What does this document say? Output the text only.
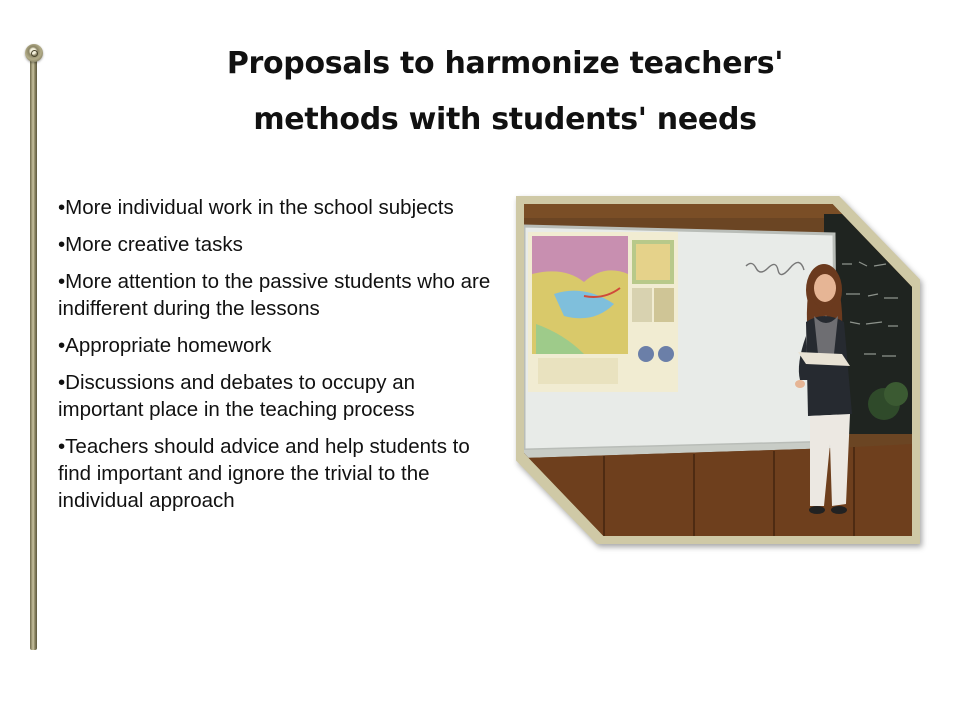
Proposals to harmonize teachers'
methods with students' needs
•More individual work in the school subjects
•More creative tasks
•More attention to the passive students who are indifferent during the lessons
•Appropriate homework
•Discussions and debates to occupy an important place in the teaching process
•Teachers should advice and help students to find important and ignore the trivial to the individual approach
